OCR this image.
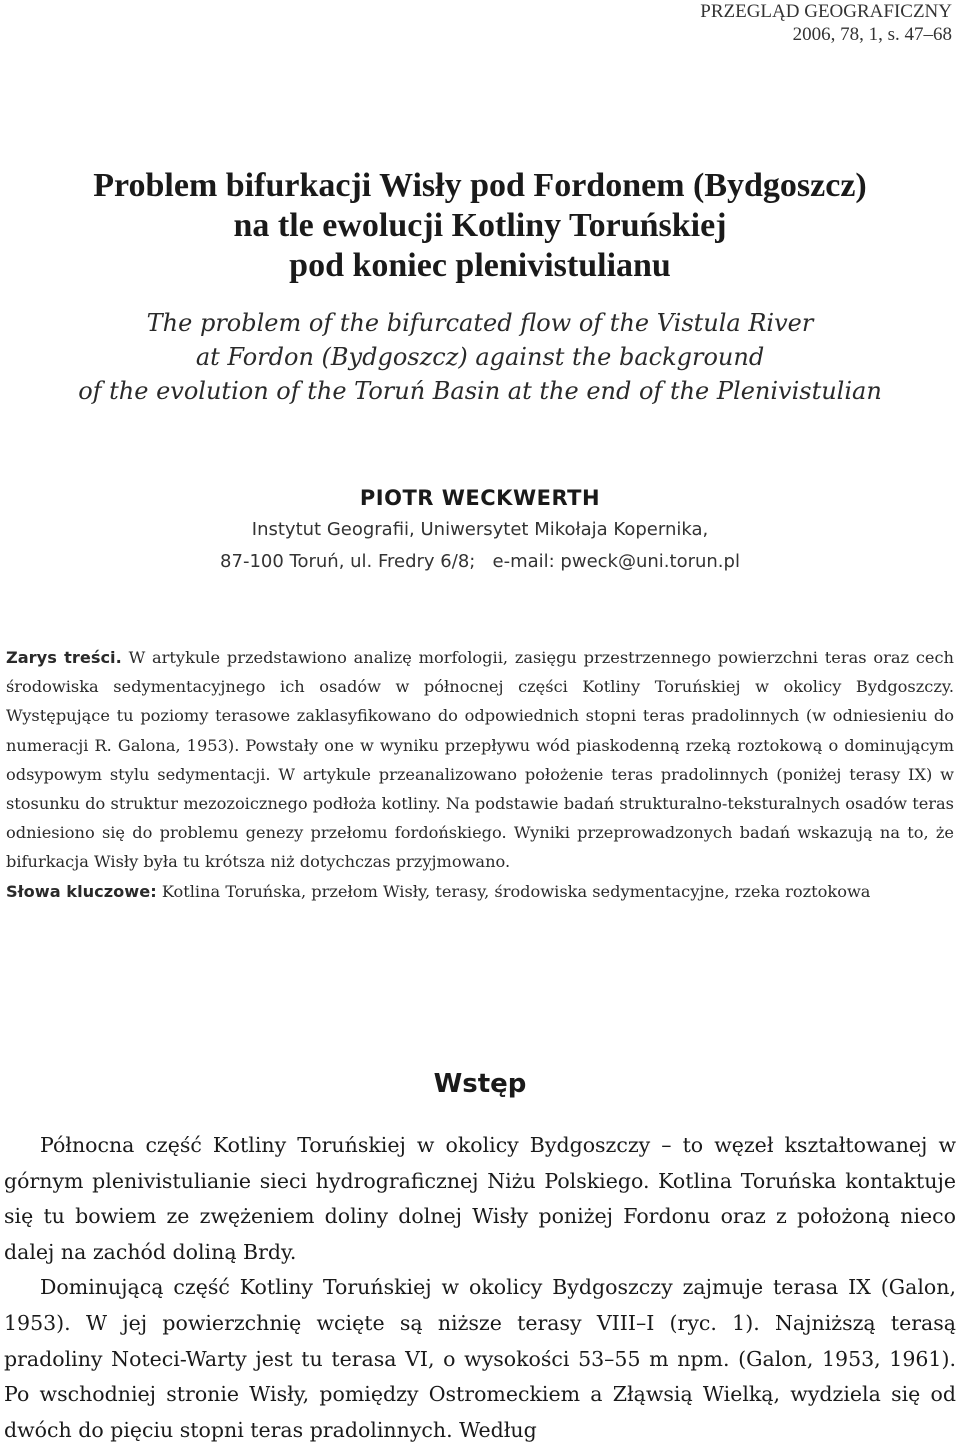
PRZEGLĄD GEOGRAFICZNY
2006, 78, 1, s. 47–68
Problem bifurkacji Wisły pod Fordonem (Bydgoszcz)
na tle ewolucji Kotliny Toruńskiej
pod koniec plenivistulianu
The problem of the bifurcated flow of the Vistula River
at Fordon (Bydgoszcz) against the background
of the evolution of the Toruń Basin at the end of the Plenivistulian
PIOTR WECKWERTH
Instytut Geografii, Uniwersytet Mikołaja Kopernika,
87-100 Toruń, ul. Fredry 6/8;   e-mail: pweck@uni.torun.pl

Zarys treści. W artykule przedstawiono analizę morfologii, zasięgu przestrzennego powierzchni teras oraz cech środowiska sedymentacyjnego ich osadów w północnej części Kotliny Toruńskiej w okolicy Bydgoszczy. Występujące tu poziomy terasowe zaklasyfikowano do odpowiednich stopni teras pradolinnych (w odniesieniu do numeracji R. Galona, 1953). Powstały one w wyniku przepływu wód piaskodenną rzeką roztokową o dominującym odsypowym stylu sedymentacji. W artykule przeanalizowano położenie teras pradolinnych (poniżej terasy IX) w stosunku do struktur mezozoicznego podłoża kotliny. Na podstawie badań strukturalno-teksturalnych osadów teras odniesiono się do problemu genezy przełomu fordońskiego. Wyniki przeprowadzonych badań wskazują na to, że bifurkacja Wisły była tu krótsza niż dotychczas przyjmowano.

Słowa kluczowe: Kotlina Toruńska, przełom Wisły, terasy, środowiska sedymentacyjne, rzeka roztokowa

Wstęp

Północna część Kotliny Toruńskiej w okolicy Bydgoszczy – to węzeł kształtowanej w górnym plenivistulianie sieci hydrograficznej Niżu Polskiego. Kotlina Toruńska kontaktuje się tu bowiem ze zwężeniem doliny dolnej Wisły poniżej Fordonu oraz z położoną nieco dalej na zachód doliną Brdy.

Dominującą część Kotliny Toruńskiej w okolicy Bydgoszczy zajmuje terasa IX (Galon, 1953). W jej powierzchnię wcięte są niższe terasy VIII–I (ryc. 1). Najniższą terasą pradoliny Noteci-Warty jest tu terasa VI, o wysokości 53–55 m npm. (Galon, 1953, 1961). Po wschodniej stronie Wisły, pomiędzy Ostromeckiem a Złąwsią Wielką, wydziela się od dwóch do pięciu stopni teras pradolinnych. Według
